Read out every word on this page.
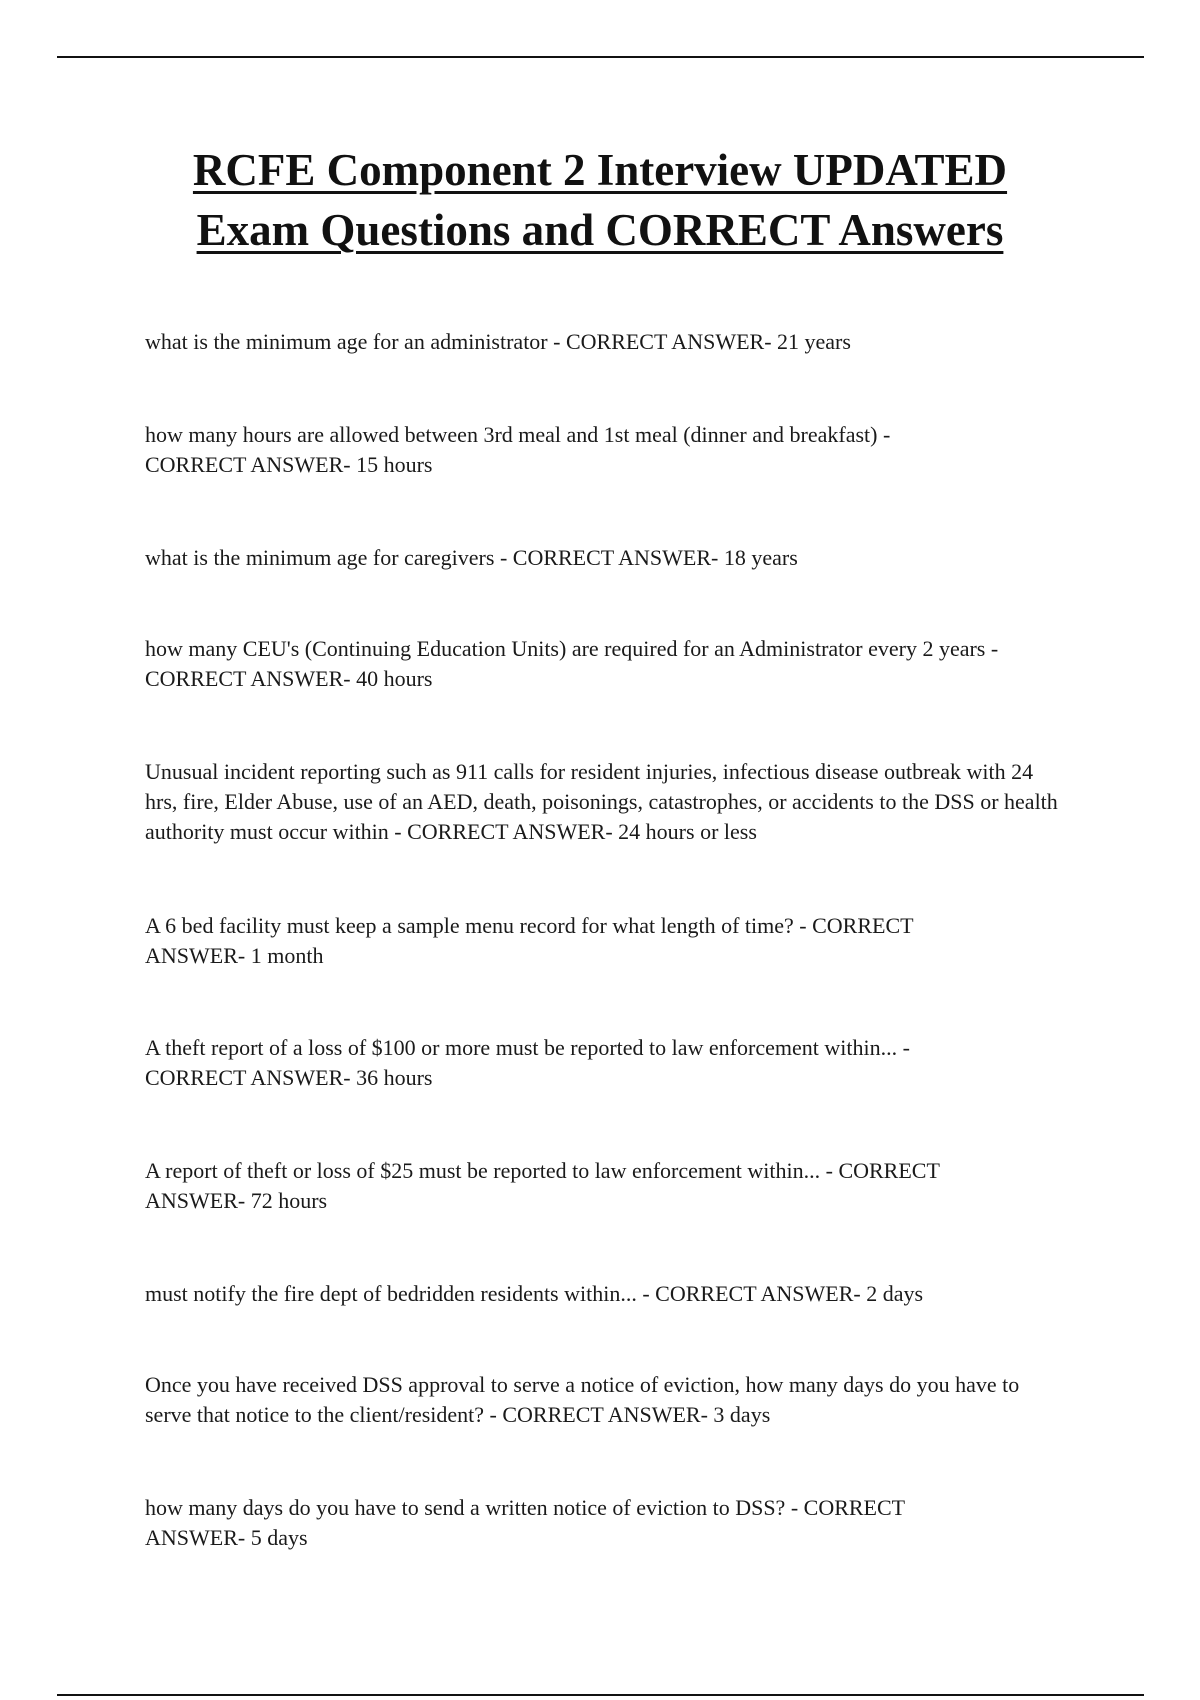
RCFE Component 2 Interview UPDATED
Exam Questions and CORRECT Answers

what is the minimum age for an administrator - CORRECT ANSWER- 21 years

how many hours are allowed between 3rd meal and 1st meal (dinner and breakfast) - CORRECT ANSWER- 15 hours

what is the minimum age for caregivers - CORRECT ANSWER- 18 years

how many CEU's (Continuing Education Units) are required for an Administrator every 2 years - CORRECT ANSWER- 40 hours

Unusual incident reporting such as 911 calls for resident injuries, infectious disease outbreak with 24 hrs, fire, Elder Abuse, use of an AED, death, poisonings, catastrophes, or accidents to the DSS or health authority must occur within - CORRECT ANSWER- 24 hours or less

A 6 bed facility must keep a sample menu record for what length of time? - CORRECT ANSWER- 1 month

A theft report of a loss of $100 or more must be reported to law enforcement within... - CORRECT ANSWER- 36 hours

A report of theft or loss of $25 must be reported to law enforcement within... - CORRECT ANSWER- 72 hours

must notify the fire dept of bedridden residents within... - CORRECT ANSWER- 2 days

Once you have received DSS approval to serve a notice of eviction, how many days do you have to serve that notice to the client/resident? - CORRECT ANSWER- 3 days

how many days do you have to send a written notice of eviction to DSS? - CORRECT ANSWER- 5 days
